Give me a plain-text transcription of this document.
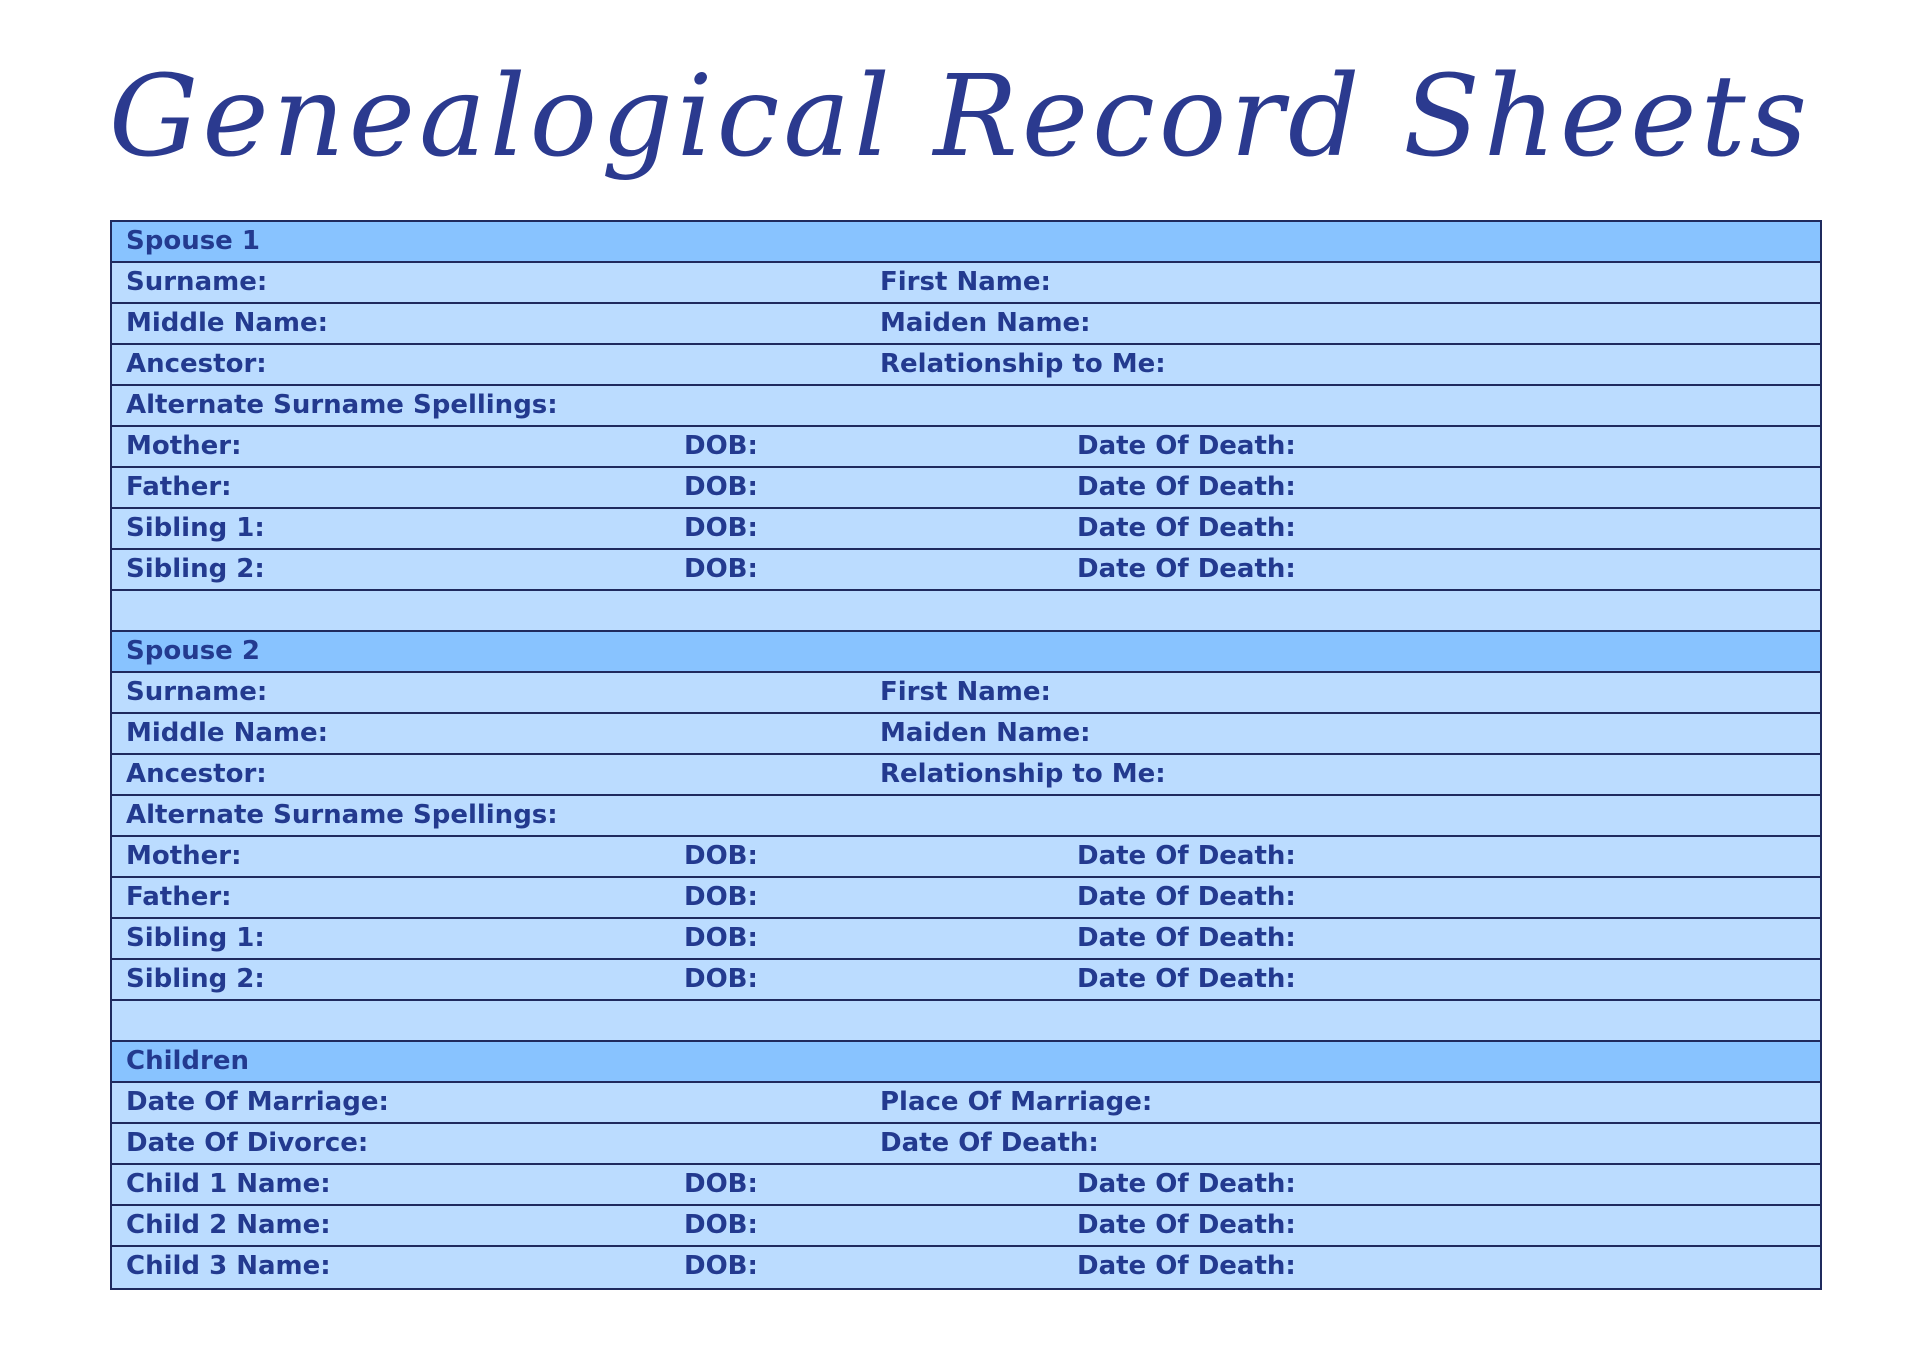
Genealogical Record Sheets
Spouse 1
Surname:	First Name:
Middle Name:	Maiden Name:
Ancestor:	Relationship to Me:
Alternate Surname Spellings:
Mother:	DOB:	Date Of Death:
Father:	DOB:	Date Of Death:
Sibling 1:	DOB:	Date Of Death:
Sibling 2:	DOB:	Date Of Death:
Spouse 2
Surname:	First Name:
Middle Name:	Maiden Name:
Ancestor:	Relationship to Me:
Alternate Surname Spellings:
Mother:	DOB:	Date Of Death:
Father:	DOB:	Date Of Death:
Sibling 1:	DOB:	Date Of Death:
Sibling 2:	DOB:	Date Of Death:
Children
Date Of Marriage:	Place Of Marriage:
Date Of Divorce:	Date Of Death:
Child 1 Name:	DOB:	Date Of Death:
Child 2 Name:	DOB:	Date Of Death:
Child 3 Name:	DOB:	Date Of Death:
